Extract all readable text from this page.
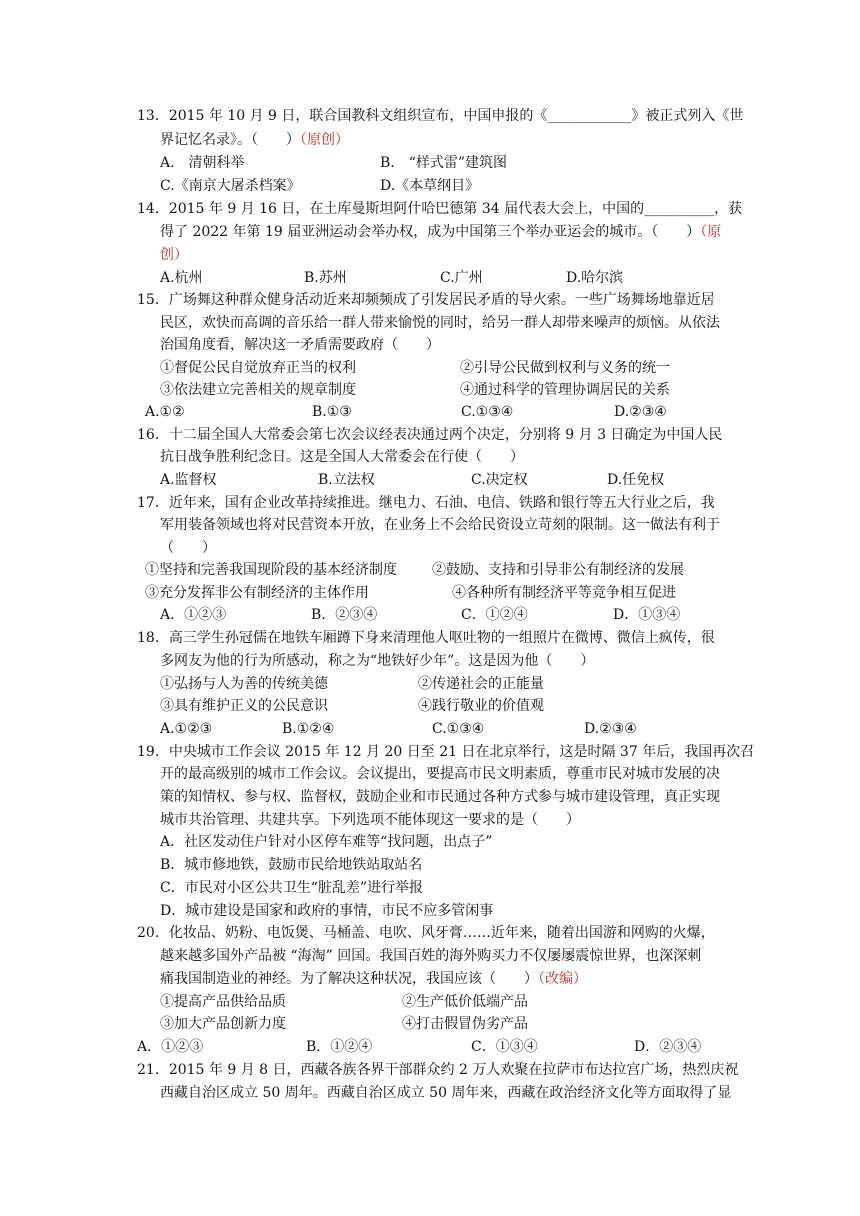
13．2015 年 10 月 9 日，联合国教科文组织宣布，中国申报的《____________》被正式列入《世
界记忆名录》。（　　）（原创）
A.　清朝科举	B.　“样式雷”建筑图
C.《南京大屠杀档案》	D.《本草纲目》
14．2015 年 9 月 16 日，在土库曼斯坦阿什哈巴德第 34 届代表大会上，中国的__________，获
得了 2022 年第 19 届亚洲运动会举办权，成为中国第三个举办亚运会的城市。（　　）（原
创）
A.杭州	B.苏州	C.广州	D.哈尔滨
15．广场舞这种群众健身活动近来却频频成了引发居民矛盾的导火索。一些广场舞场地靠近居
民区，欢快而高调的音乐给一群人带来愉悦的同时，给另一群人却带来噪声的烦恼。从依法
治国角度看，解决这一矛盾需要政府（　　）
①督促公民自觉放弃正当的权利	②引导公民做到权利与义务的统一
③依法建立完善相关的规章制度	④通过科学的管理协调居民的关系
A.①②	B.①③	C.①③④	D.②③④
16．十二届全国人大常委会第七次会议经表决通过两个决定，分别将 9 月 3 日确定为中国人民
抗日战争胜利纪念日。这是全国人大常委会在行使（　　）
A.监督权	B.立法权	C.决定权	D.任免权
17．近年来，国有企业改革持续推进。继电力、石油、电信、铁路和银行等五大行业之后，我
军用装备领域也将对民营资本开放，在业务上不会给民资设立苛刻的限制。这一做法有利于
（　　）
①坚持和完善我国现阶段的基本经济制度	②鼓励、支持和引导非公有制经济的发展
③充分发挥非公有制经济的主体作用	④各种所有制经济平等竞争相互促进
A．①②③	B．②③④	C．①②④	D．①③④
18．高三学生孙冠儒在地铁车厢蹲下身来清理他人呕吐物的一组照片在微博、微信上疯传，很
多网友为他的行为所感动，称之为“地铁好少年”。这是因为他（　　）
①弘扬与人为善的传统美德	②传递社会的正能量
③具有维护正义的公民意识	④践行敬业的价值观
A.①②③	B.①②④	C.①③④	D.②③④
19．中央城市工作会议 2015 年 12 月 20 日至 21 日在北京举行，这是时隔 37 年后，我国再次召
开的最高级别的城市工作会议。会议提出，要提高市民文明素质，尊重市民对城市发展的决
策的知情权、参与权、监督权，鼓励企业和市民通过各种方式参与城市建设管理，真正实现
城市共治管理、共建共享。下列选项不能体现这一要求的是（　　）
A．社区发动住户针对小区停车难等“找问题，出点子”
B．城市修地铁，鼓励市民给地铁站取站名
C．市民对小区公共卫生“脏乱差”进行举报
D．城市建设是国家和政府的事情，市民不应多管闲事
20．化妆品、奶粉、电饭煲、马桶盖、电吹、风牙膏……近年来，随着出国游和网购的火爆，
越来越多国外产品被 “海淘” 回国。我国百姓的海外购买力不仅屡屡震惊世界，也深深刺
痛我国制造业的神经。为了解决这种状况，我国应该（　　）（改编）
①提高产品供给品质	②生产低价低端产品
③加大产品创新力度	④打击假冒伪劣产品
A．①②③	B．①②④	C．①③④	D．②③④
21．2015 年 9 月 8 日，西藏各族各界干部群众约 2 万人欢聚在拉萨市布达拉宫广场，热烈庆祝
西藏自治区成立 50 周年。西藏自治区成立 50 周年来，西藏在政治经济文化等方面取得了显
